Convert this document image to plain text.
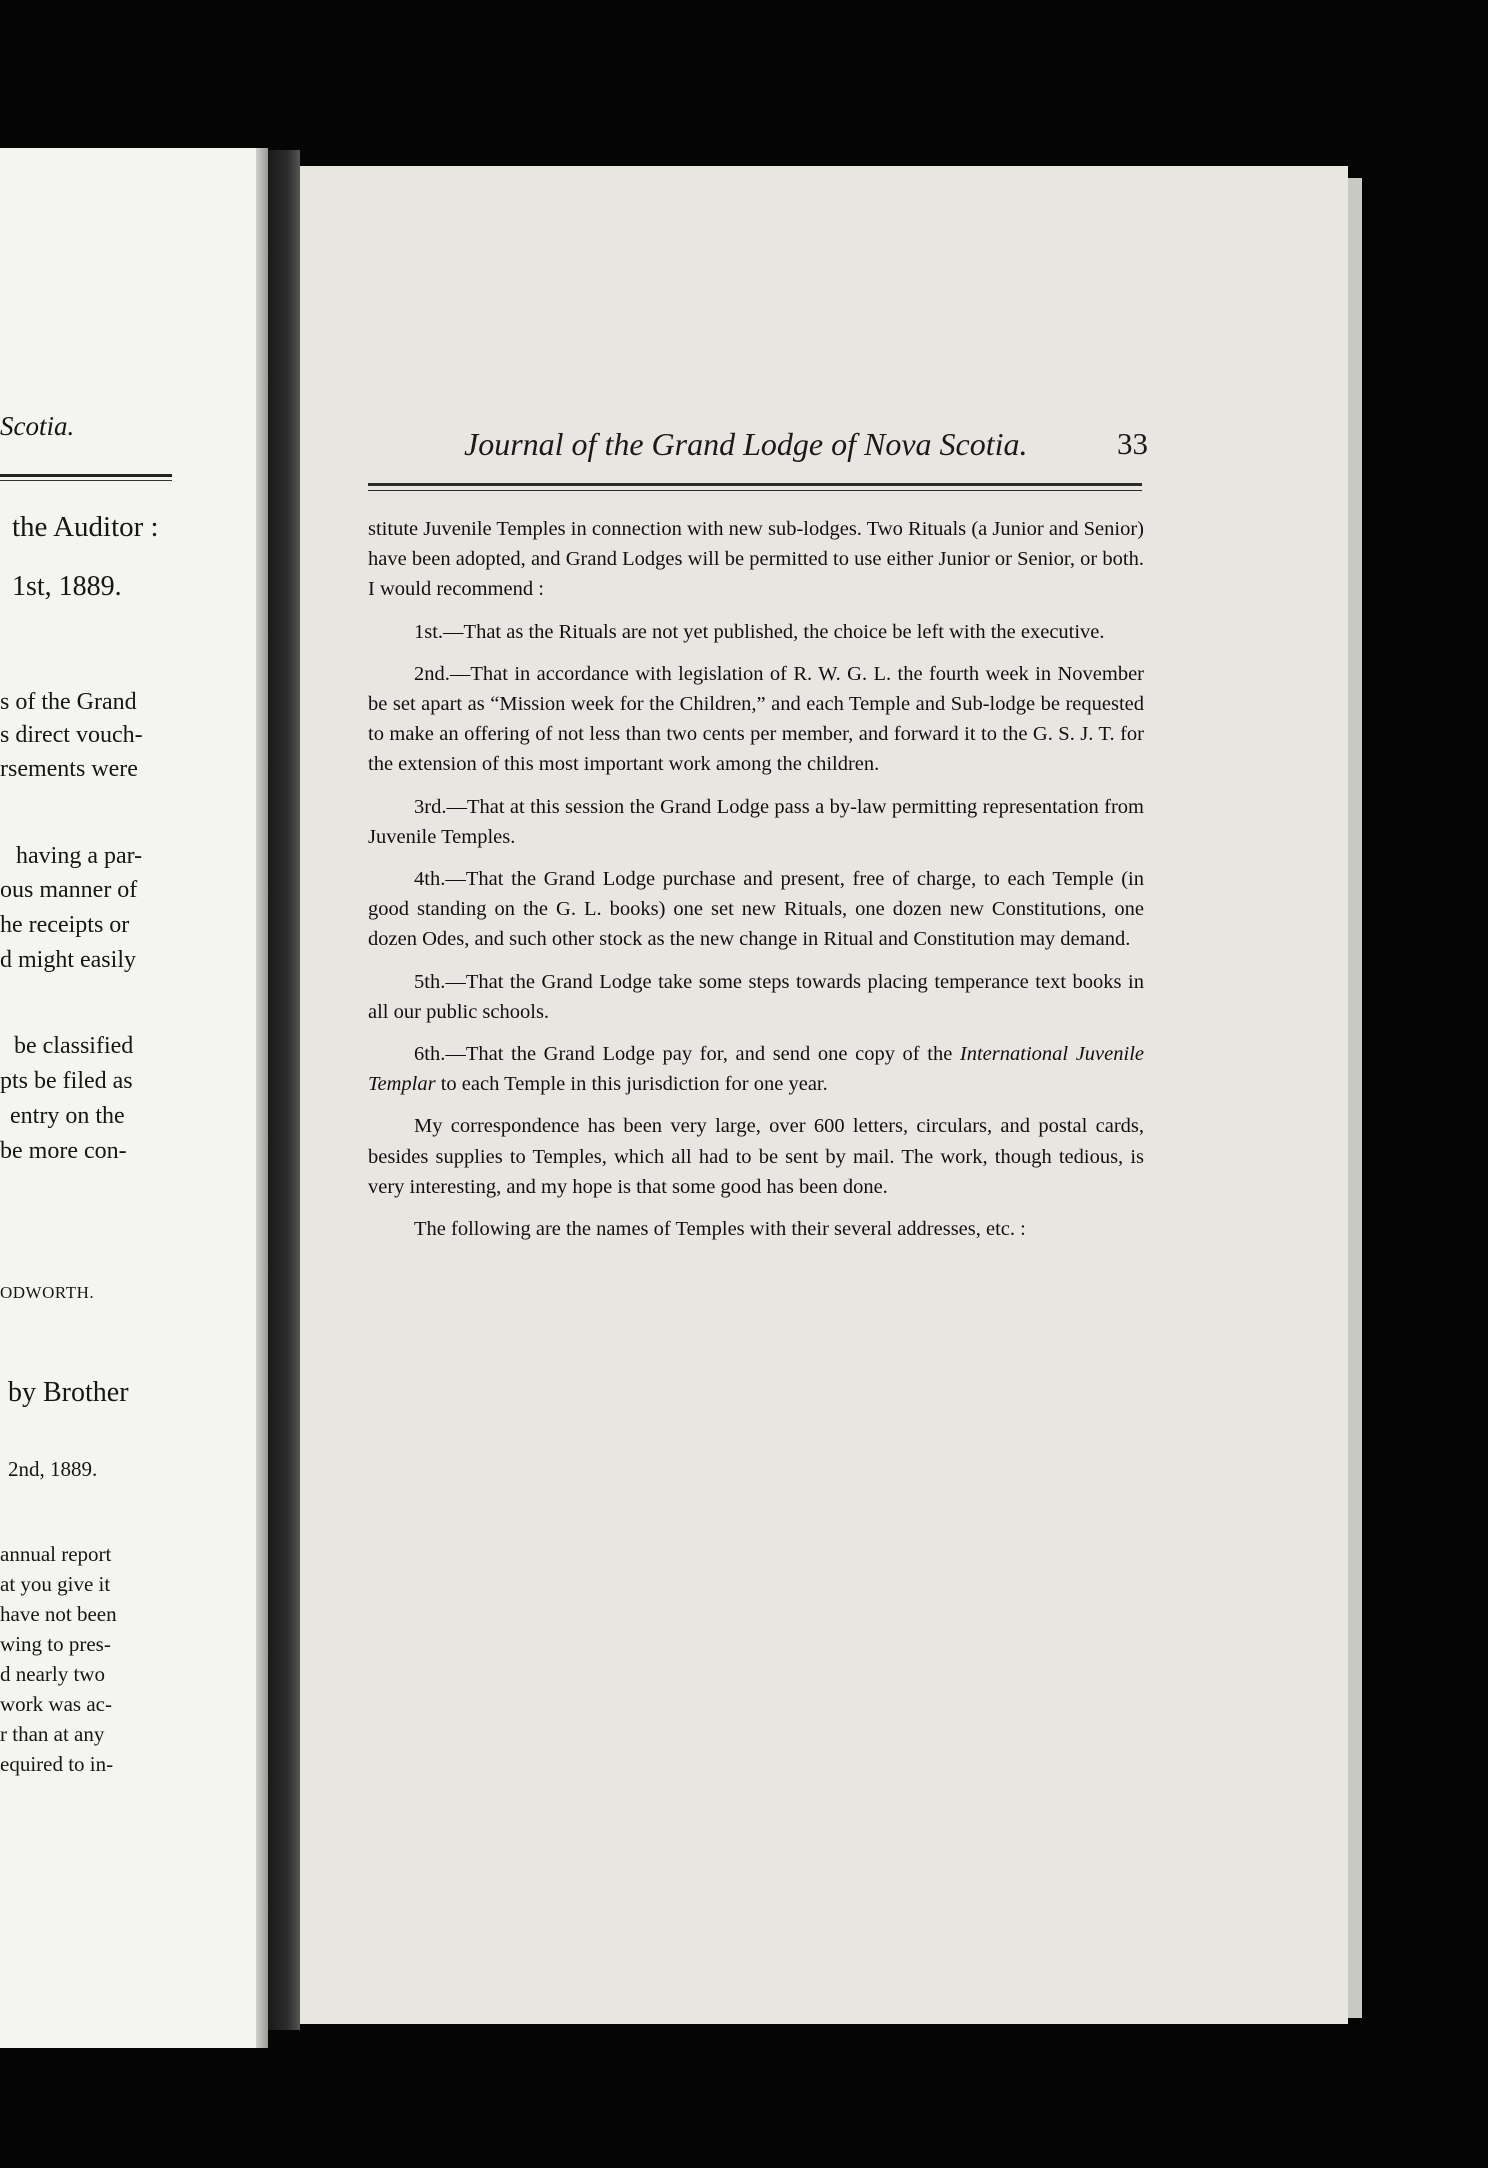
Scotia.
the Auditor :
1st, 1889.
s of the Grand
s direct vouch-
rsements were
having a par-
ous manner of
he receipts or
d might easily
be classified
pts be filed as
entry on the
be more con-
ODWORTH.
by Brother
2nd, 1889.
annual report
at you give it
have not been
wing to pres-
d nearly two
work was ac-
r than at any
equired to in-
Journal of the Grand Lodge of Nova Scotia.	33

stitute Juvenile Temples in connection with new sub-lodges. Two Rituals (a Junior and Senior) have been adopted, and Grand Lodges will be permitted to use either Junior or Senior, or both. I would recommend :

1st.—That as the Rituals are not yet published, the choice be left with the executive.

2nd.—That in accordance with legislation of R. W. G. L. the fourth week in November be set apart as “Mission week for the Children,” and each Temple and Sub-lodge be requested to make an offering of not less than two cents per member, and forward it to the G. S. J. T. for the extension of this most important work among the children.

3rd.—That at this session the Grand Lodge pass a by-law permitting representation from Juvenile Temples.

4th.—That the Grand Lodge purchase and present, free of charge, to each Temple (in good standing on the G. L. books) one set new Rituals, one dozen new Constitutions, one dozen Odes, and such other stock as the new change in Ritual and Constitution may demand.

5th.—That the Grand Lodge take some steps towards placing temperance text books in all our public schools.

6th.—That the Grand Lodge pay for, and send one copy of the International Juvenile Templar to each Temple in this jurisdiction for one year.

My correspondence has been very large, over 600 letters, circulars, and postal cards, besides supplies to Temples, which all had to be sent by mail. The work, though tedious, is very interesting, and my hope is that some good has been done.

The following are the names of Temples with their several addresses, etc. :
